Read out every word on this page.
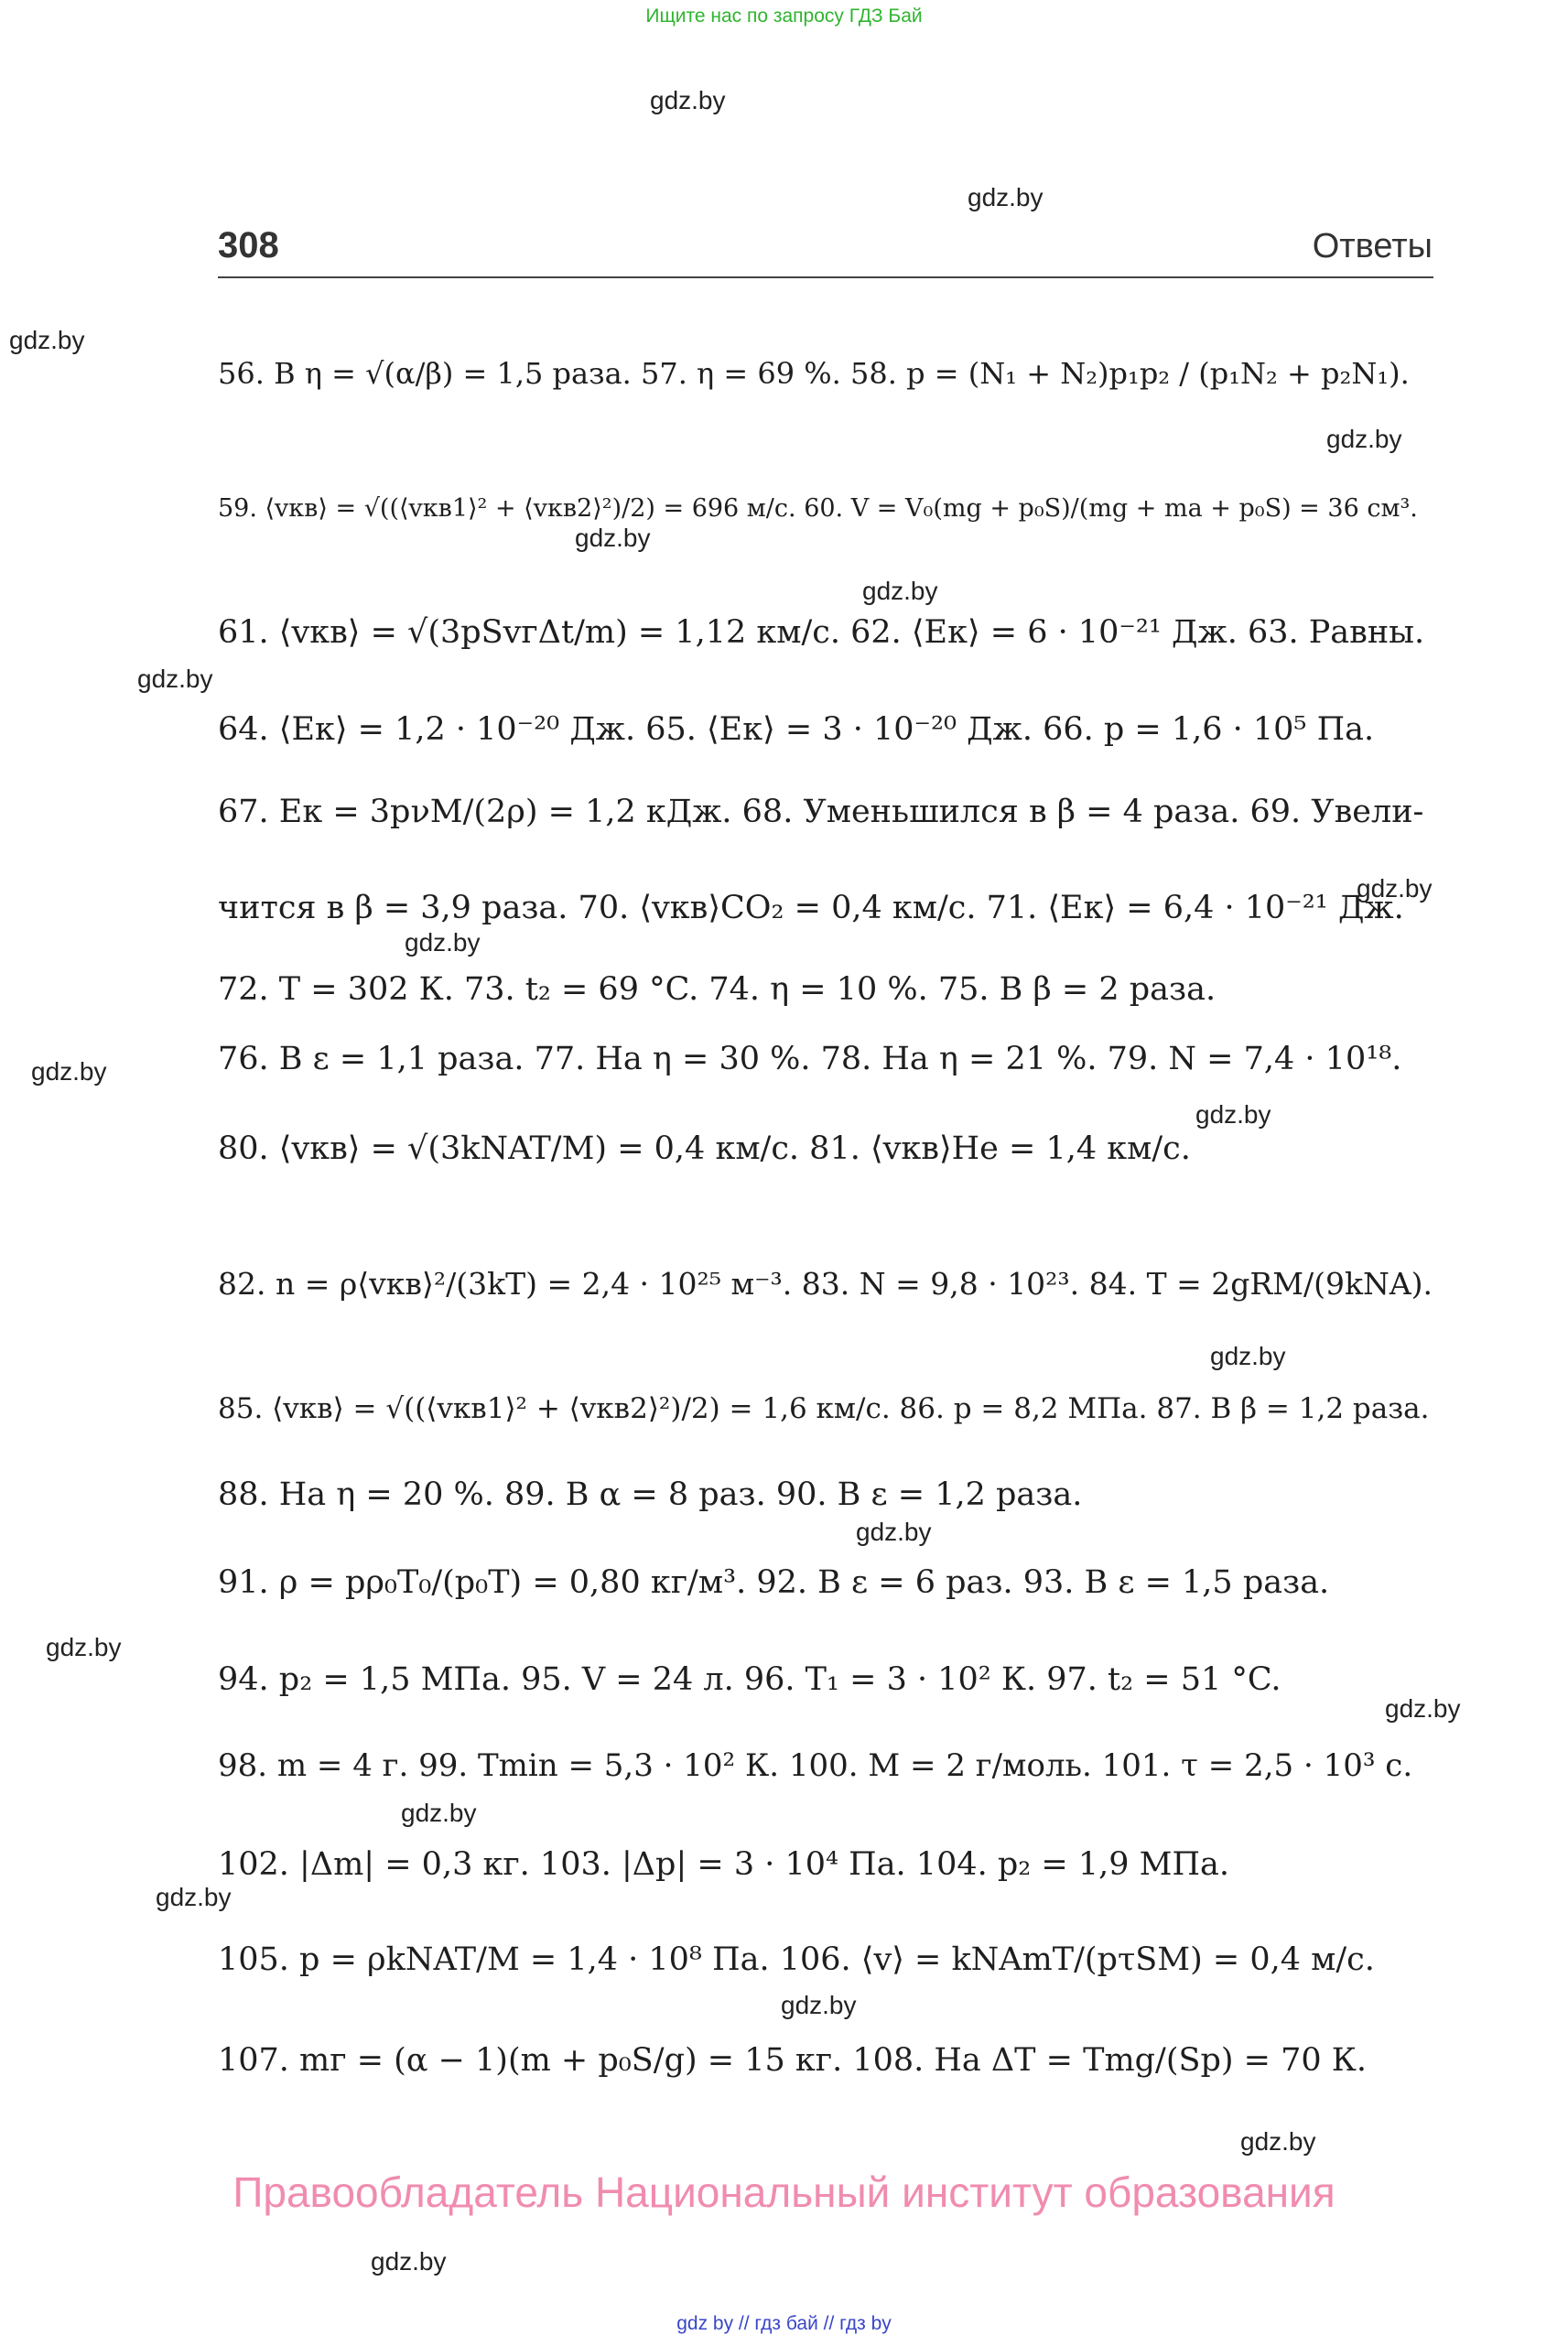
Ищите нас по запросу ГДЗ Бай
gdz.by
gdz.by
gdz.by
gdz.by
gdz.by
gdz.by
gdz.by
gdz.by
gdz.by
gdz.by
gdz.by
gdz.by
gdz.by
gdz.by
gdz.by
gdz.by
gdz.by
gdz.by
gdz.by
gdz.by
308	Ответы
56. В η = √(α/β) = 1,5 раза. 57. η = 69 %. 58. p = (N₁ + N₂)p₁p₂ / (p₁N₂ + p₂N₁).
59. ⟨vкв⟩ = √((⟨vкв1⟩² + ⟨vкв2⟩²)/2) = 696 м/с. 60. V = V₀(mg + p₀S)/(mg + ma + p₀S) = 36 см³.
61. ⟨vкв⟩ = √(3pSvгΔt/m) = 1,12 км/с. 62. ⟨Eк⟩ = 6 · 10⁻²¹ Дж. 63. Равны.
64. ⟨Eк⟩ = 1,2 · 10⁻²⁰ Дж. 65. ⟨Eк⟩ = 3 · 10⁻²⁰ Дж. 66. p = 1,6 · 10⁵ Па.
67. Eк = 3pνM/(2ρ) = 1,2 кДж. 68. Уменьшился в β = 4 раза. 69. Увели-
чится в β = 3,9 раза. 70. ⟨vкв⟩CO₂ = 0,4 км/с. 71. ⟨Eк⟩ = 6,4 · 10⁻²¹ Дж.
72. T = 302 К. 73. t₂ = 69 °C. 74. η = 10 %. 75. В β = 2 раза.
76. В ε = 1,1 раза. 77. На η = 30 %. 78. На η = 21 %. 79. N = 7,4 · 10¹⁸.
80. ⟨vкв⟩ = √(3kNAT/M) = 0,4 км/с. 81. ⟨vкв⟩He = 1,4 км/с.
82. n = ρ⟨vкв⟩²/(3kT) = 2,4 · 10²⁵ м⁻³. 83. N = 9,8 · 10²³. 84. T = 2gRM/(9kNA).
85. ⟨vкв⟩ = √((⟨vкв1⟩² + ⟨vкв2⟩²)/2) = 1,6 км/с. 86. p = 8,2 МПа. 87. В β = 1,2 раза.
88. На η = 20 %. 89. В α = 8 раз. 90. В ε = 1,2 раза.
91. ρ = pρ₀T₀/(p₀T) = 0,80 кг/м³. 92. В ε = 6 раз. 93. В ε = 1,5 раза.
94. p₂ = 1,5 МПа. 95. V = 24 л. 96. T₁ = 3 · 10² К. 97. t₂ = 51 °C.
98. m = 4 г. 99. Tmin = 5,3 · 10² К. 100. M = 2 г/моль. 101. τ = 2,5 · 10³ с.
102. |Δm| = 0,3 кг. 103. |Δp| = 3 · 10⁴ Па. 104. p₂ = 1,9 МПа.
105. p = ρkNAT/M = 1,4 · 10⁸ Па. 106. ⟨v⟩ = kNAmT/(pτSM) = 0,4 м/с.
107. mг = (α − 1)(m + p₀S/g) = 15 кг. 108. На ΔT = Tmg/(Sp) = 70 К.
Правообладатель Национальный институт образования
gdz by // гдз бай // гдз by
